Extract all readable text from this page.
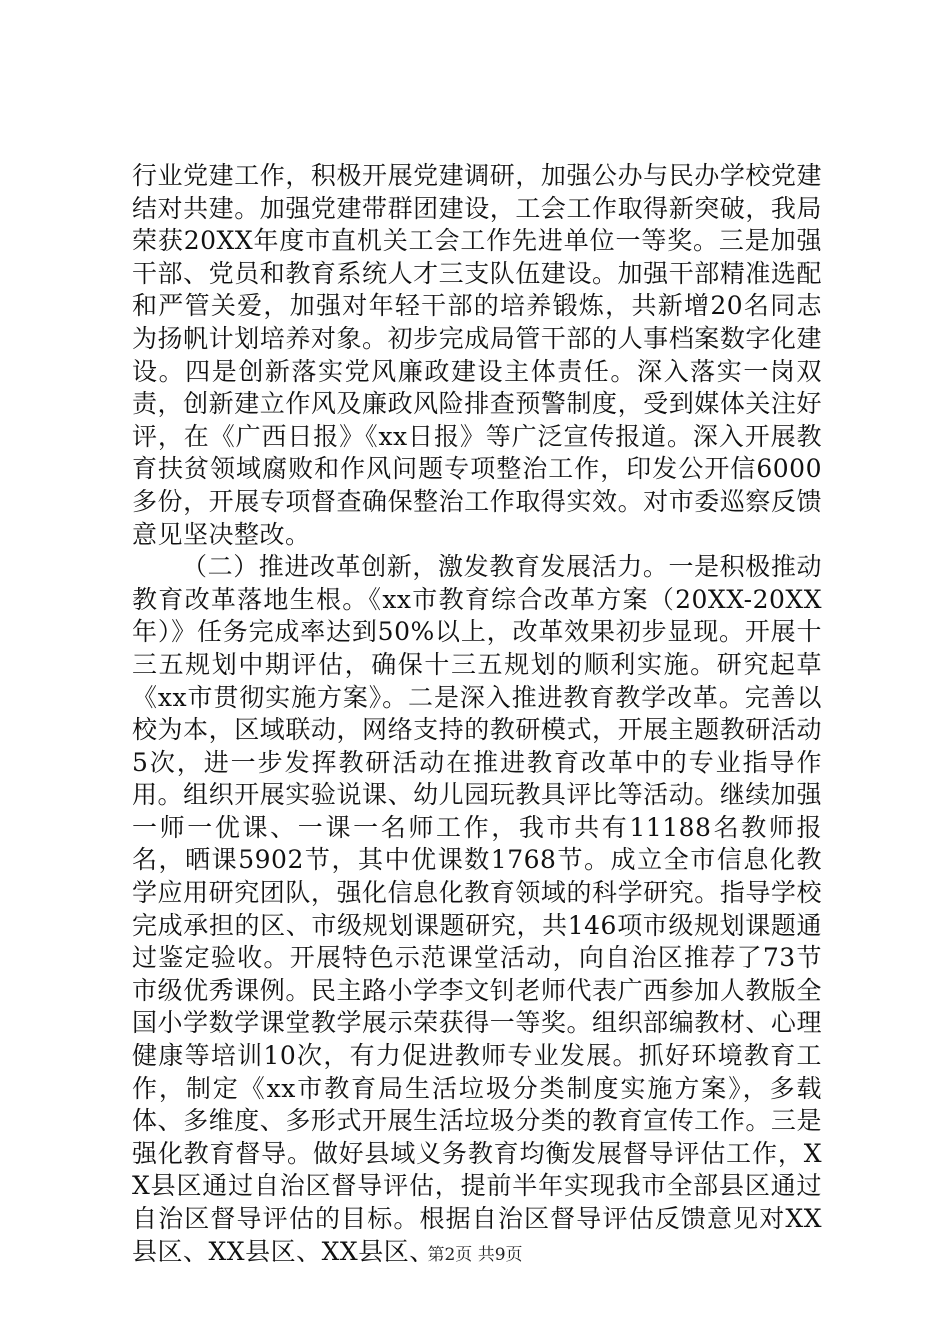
行业党建工作，积极开展党建调研，加强公办与民办学校党建结对共建。加强党建带群团建设，工会工作取得新突破，我局荣获20XX年度市直机关工会工作先进单位一等奖。三是加强干部、党员和教育系统人才三支队伍建设。加强干部精准选配和严管关爱，加强对年轻干部的培养锻炼，共新增20名同志为扬帆计划培养对象。初步完成局管干部的人事档案数字化建设。四是创新落实党风廉政建设主体责任。深入落实一岗双责，创新建立作风及廉政风险排查预警制度，受到媒体关注好评，在《广西日报》《xx日报》等广泛宣传报道。深入开展教育扶贫领域腐败和作风问题专项整治工作，印发公开信6000多份，开展专项督查确保整治工作取得实效。对市委巡察反馈意见坚决整改。

（二）推进改革创新，激发教育发展活力。一是积极推动教育改革落地生根。《xx市教育综合改革方案（20XX-20XX年）》任务完成率达到50%以上，改革效果初步显现。开展十三五规划中期评估，确保十三五规划的顺利实施。研究起草《xx市贯彻实施方案》。二是深入推进教育教学改革。完善以校为本，区域联动，网络支持的教研模式，开展主题教研活动5次，进一步发挥教研活动在推进教育改革中的专业指导作用。组织开展实验说课、幼儿园玩教具评比等活动。继续加强一师一优课、一课一名师工作，我市共有11188名教师报名，晒课5902节，其中优课数1768节。成立全市信息化教学应用研究团队，强化信息化教育领域的科学研究。指导学校完成承担的区、市级规划课题研究，共146项市级规划课题通过鉴定验收。开展特色示范课堂活动，向自治区推荐了73节市级优秀课例。民主路小学李文钊老师代表广西参加人教版全国小学数学课堂教学展示荣获得一等奖。组织部编教材、心理健康等培训10次，有力促进教师专业发展。抓好环境教育工作，制定《xx市教育局生活垃圾分类制度实施方案》，多载体、多维度、多形式开展生活垃圾分类的教育宣传工作。三是强化教育督导。做好县域义务教育均衡发展督导评估工作，XX县区通过自治区督导评估，提前半年实现我市全部县区通过自治区督导评估的目标。根据自治区督导评估反馈意见对XX县区、XX县区、XX县区、

第2页 共9页
